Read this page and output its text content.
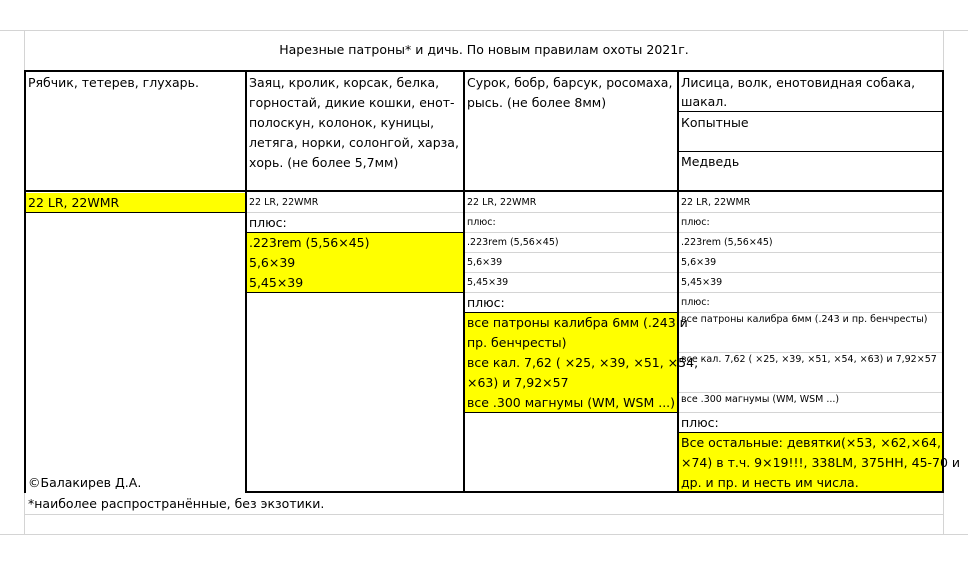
Нарезные патроны* и дичь. По новым правилам охоты 2021г.
Рябчик, тетерев, глухарь.
22 LR, 22WMR
©Балакирев Д.А.
Заяц, кролик, корсак, белка,
горностай, дикие кошки, енот-
полоскун, колонок, куницы,
летяга, норки, солонгой, харза,
хорь. (не более 5,7мм)
22 LR, 22WMR
плюс:
.223rem (5,56×45)
5,6×39
5,45×39
Сурок, бобр, барсук, росомаха,
рысь. (не более 8мм)
22 LR, 22WMR
плюс:
.223rem (5,56×45)
5,6×39
5,45×39
плюс:
все патроны калибра 6мм (.243 и
пр. бенчресты)
все кал. 7,62 ( ×25, ×39, ×51, ×54,
×63) и 7,92×57
все .300 магнумы (WM, WSM ...)
Лисица, волк, енотовидная собака,
шакал.
Копытные
Медведь
22 LR, 22WMR
плюс:
.223rem (5,56×45)
5,6×39
5,45×39
плюс:
все патроны калибра 6мм (.243 и пр. бенчресты)
все кал. 7,62 ( ×25, ×39, ×51, ×54, ×63) и 7,92×57
все .300 магнумы (WM, WSM ...)
плюс:
Все остальные: девятки(×53, ×62,×64,
×74) в т.ч. 9×19!!!, 338LM, 375HH, 45-70 и
др. и пр. и несть им числа.
*наиболее распространённые, без экзотики.
